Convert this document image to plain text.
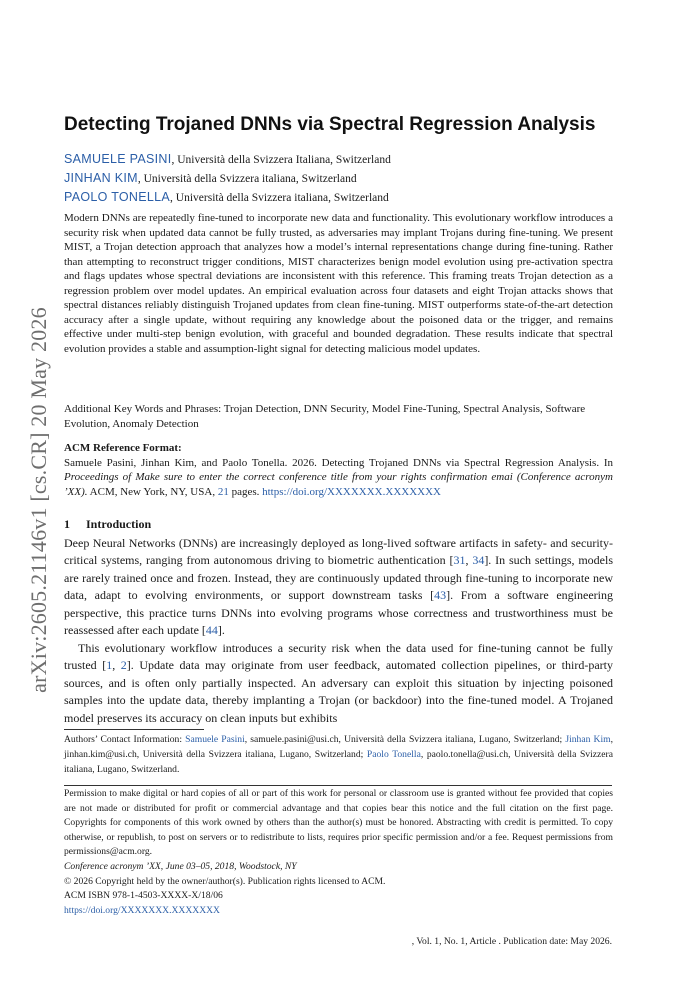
arXiv:2605.21146v1 [cs.CR] 20 May 2026
Detecting Trojaned DNNs via Spectral Regression Analysis
SAMUELE PASINI, Università della Svizzera Italiana, Switzerland
JINHAN KIM, Università della Svizzera italiana, Switzerland
PAOLO TONELLA, Università della Svizzera italiana, Switzerland

Modern DNNs are repeatedly fine-tuned to incorporate new data and functionality. This evolutionary workflow introduces a security risk when updated data cannot be fully trusted, as adversaries may implant Trojans during fine-tuning. We present MIST, a Trojan detection approach that analyzes how a model’s internal representations change during fine-tuning. Rather than attempting to reconstruct trigger conditions, MIST characterizes benign model evolution using pre-activation spectra and flags updates whose spectral deviations are inconsistent with this reference. This framing treats Trojan detection as a regression problem over model updates. An empirical evaluation across four datasets and eight Trojan attacks shows that spectral distances reliably distinguish Trojaned updates from clean fine-tuning. MIST outperforms state-of-the-art detection accuracy after a single update, without requiring any knowledge about the poisoned data or the trigger, and remains effective under multi-step benign evolution, with graceful and bounded degradation. These results indicate that spectral evolution provides a stable and assumption-light signal for detecting malicious model updates.

Additional Key Words and Phrases: Trojan Detection, DNN Security, Model Fine-Tuning, Spectral Analysis, Software Evolution, Anomaly Detection

ACM Reference Format:

Samuele Pasini, Jinhan Kim, and Paolo Tonella. 2026. Detecting Trojaned DNNs via Spectral Regression Analysis. In Proceedings of Make sure to enter the correct conference title from your rights confirmation emai (Conference acronym ’XX). ACM, New York, NY, USA, 21 pages. https://doi.org/XXXXXXX.XXXXXXX

1 Introduction

Deep Neural Networks (DNNs) are increasingly deployed as long-lived software artifacts in safety- and security-critical systems, ranging from autonomous driving to biometric authentication [31, 34]. In such settings, models are rarely trained once and frozen. Instead, they are continuously updated through fine-tuning to incorporate new data, adapt to evolving environments, or support downstream tasks [43]. From a software engineering perspective, this practice turns DNNs into evolving programs whose correctness and trustworthiness must be reassessed after each update [44].

This evolutionary workflow introduces a security risk when the data used for fine-tuning cannot be fully trusted [1, 2]. Update data may originate from user feedback, automated collection pipelines, or third-party sources, and is often only partially inspected. An adversary can exploit this situation by injecting poisoned samples into the update data, thereby implanting a Trojan (or backdoor) into the fine-tuned model. A Trojaned model preserves its accuracy on clean inputs but exhibits

Authors’ Contact Information: Samuele Pasini, samuele.pasini@usi.ch, Università della Svizzera italiana, Lugano, Switzerland; Jinhan Kim, jinhan.kim@usi.ch, Università della Svizzera italiana, Lugano, Switzerland; Paolo Tonella, paolo.tonella@usi.ch, Università della Svizzera italiana, Lugano, Switzerland.

Permission to make digital or hard copies of all or part of this work for personal or classroom use is granted without fee provided that copies are not made or distributed for profit or commercial advantage and that copies bear this notice and the full citation on the first page. Copyrights for components of this work owned by others than the author(s) must be honored. Abstracting with credit is permitted. To copy otherwise, or republish, to post on servers or to redistribute to lists, requires prior specific permission and/or a fee. Request permissions from permissions@acm.org.

Conference acronym ’XX, June 03–05, 2018, Woodstock, NY

© 2026 Copyright held by the owner/author(s). Publication rights licensed to ACM.

ACM ISBN 978-1-4503-XXXX-X/18/06

https://doi.org/XXXXXXX.XXXXXXX

, Vol. 1, No. 1, Article . Publication date: May 2026.
